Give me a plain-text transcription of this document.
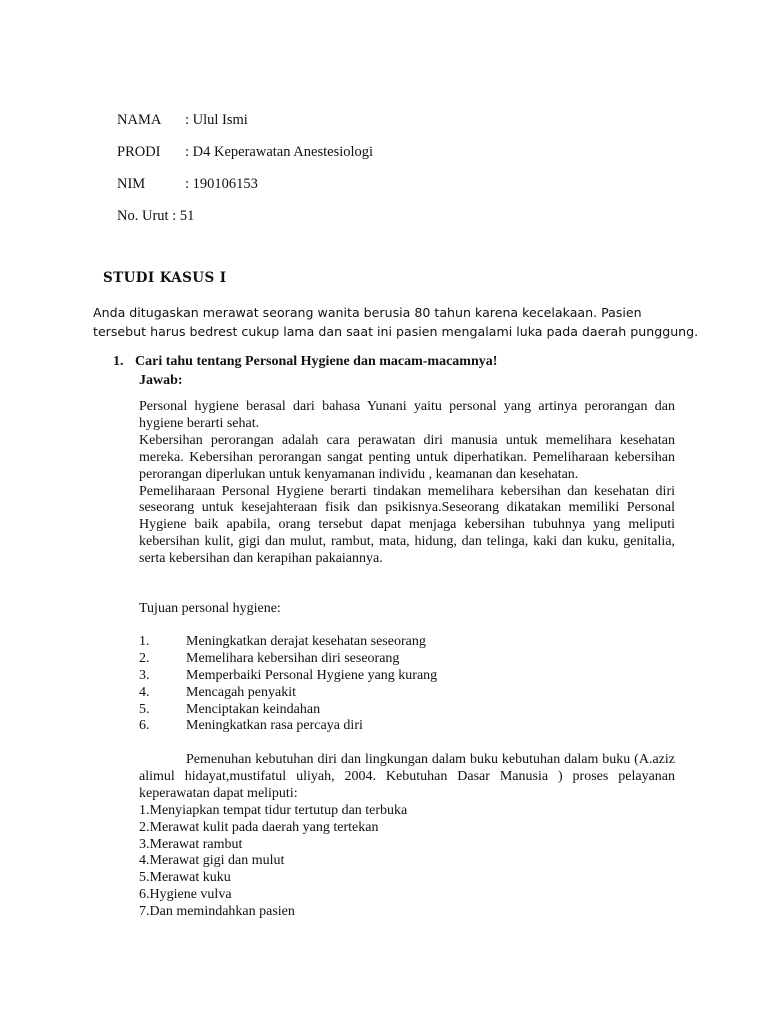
NAMA : Ulul Ismi
PRODI : D4 Keperawatan Anestesiologi
NIM	: 190106153
No. Urut : 51
STUDI KASUS I

Anda ditugaskan merawat seorang wanita berusia 80 tahun karena kecelakaan. Pasien

tersebut harus bedrest cukup lama dan saat ini pasien mengalami luka pada daerah punggung.

1. Cari tahu tentang Personal Hygiene dan macam-macamnya!
Jawab:

Personal hygiene berasal dari bahasa Yunani yaitu personal yang artinya perorangan dan hygiene berarti sehat.

Kebersihan perorangan adalah cara perawatan diri manusia untuk memelihara kesehatan mereka. Kebersihan perorangan sangat penting untuk diperhatikan. Pemeliharaan kebersihan perorangan diperlukan untuk kenyamanan individu , keamanan dan kesehatan.

Pemeliharaan Personal Hygiene berarti tindakan memelihara kebersihan dan kesehatan diri seseorang untuk kesejahteraan fisik dan psikisnya.Seseorang dikatakan memiliki Personal Hygiene baik apabila, orang tersebut dapat menjaga kebersihan tubuhnya yang meliputi kebersihan kulit, gigi dan mulut, rambut, mata, hidung, dan telinga, kaki dan kuku, genitalia, serta kebersihan dan kerapihan pakaiannya.

Tujuan personal hygiene:
1.	Meningkatkan derajat kesehatan seseorang
2.	Memelihara kebersihan diri seseorang
3.	Memperbaiki Personal Hygiene yang kurang
4.	Mencagah penyakit
5.	Menciptakan keindahan
6.	Meningkatkan rasa percaya diri

Pemenuhan kebutuhan diri dan lingkungan dalam buku kebutuhan dalam buku (A.aziz alimul hidayat,mustifatul uliyah, 2004. Kebutuhan Dasar Manusia ) proses pelayanan keperawatan dapat meliputi:

1.Menyiapkan tempat tidur tertutup dan terbuka

2.Merawat kulit pada daerah yang tertekan

3.Merawat rambut

4.Merawat gigi dan mulut

5.Merawat kuku

6.Hygiene vulva

7.Dan memindahkan pasien
